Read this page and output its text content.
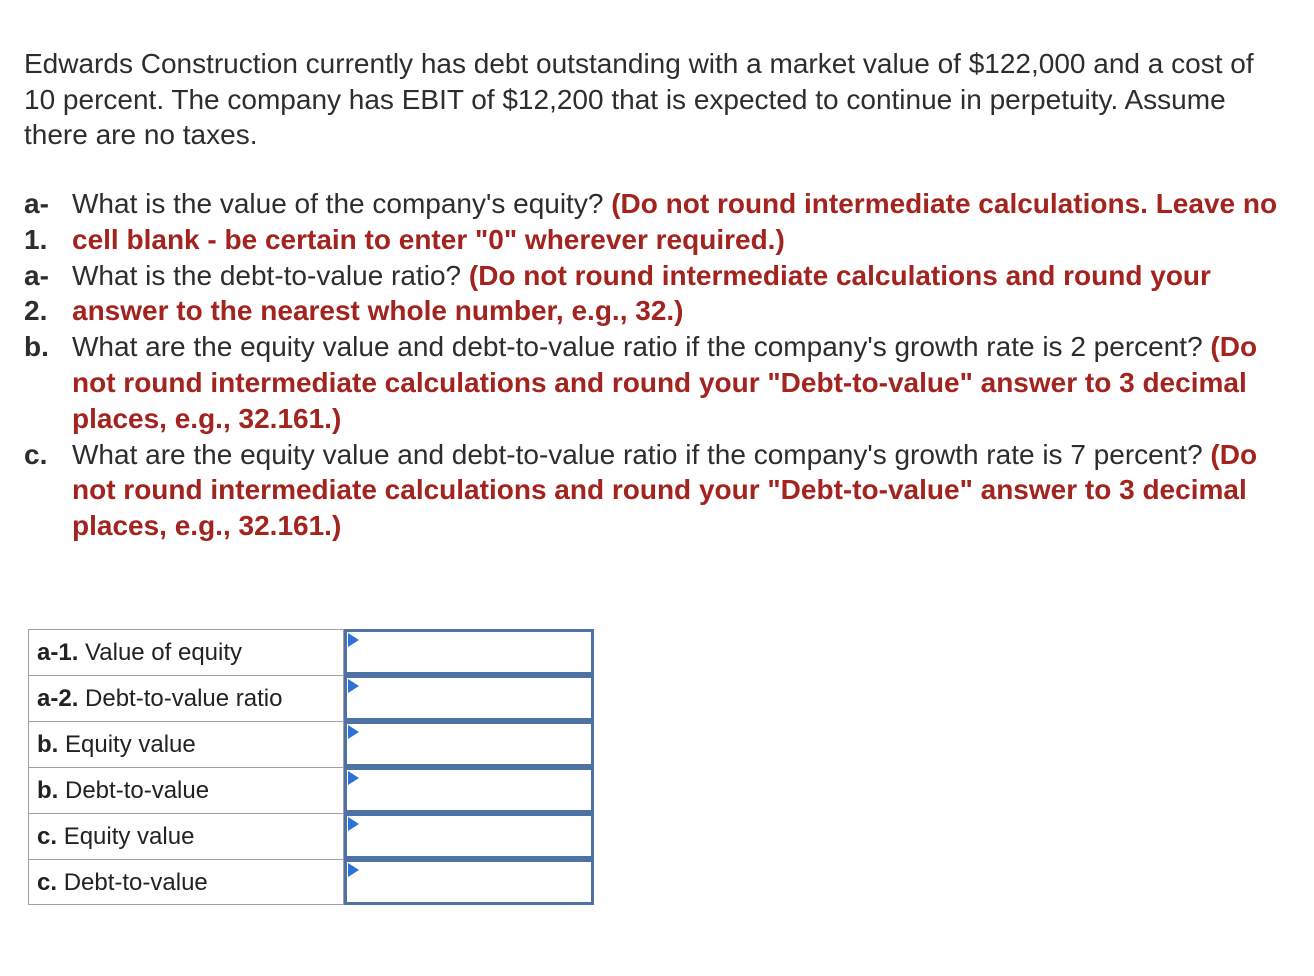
Edwards Construction currently has debt outstanding with a market value of $122,000 and a cost of 10 percent. The company has EBIT of $12,200 that is expected to continue in perpetuity. Assume there are no taxes.

a-1.
What is the value of the company's equity? (Do not round intermediate calculations. Leave no cell blank - be certain to enter "0" wherever required.)
a-2.
What is the debt-to-value ratio? (Do not round intermediate calculations and round your answer to the nearest whole number, e.g., 32.)
b. What are the equity value and debt-to-value ratio if the company's growth rate is 2 percent? (Do not round intermediate calculations and round your "Debt-to-value" answer to 3 decimal places, e.g., 32.161.)
c. What are the equity value and debt-to-value ratio if the company's growth rate is 7 percent? (Do not round intermediate calculations and round your "Debt-to-value" answer to 3 decimal places, e.g., 32.161.)
a-1. Value of equity
a-2. Debt-to-value ratio
b. Equity value
b. Debt-to-value
c. Equity value
c. Debt-to-value
